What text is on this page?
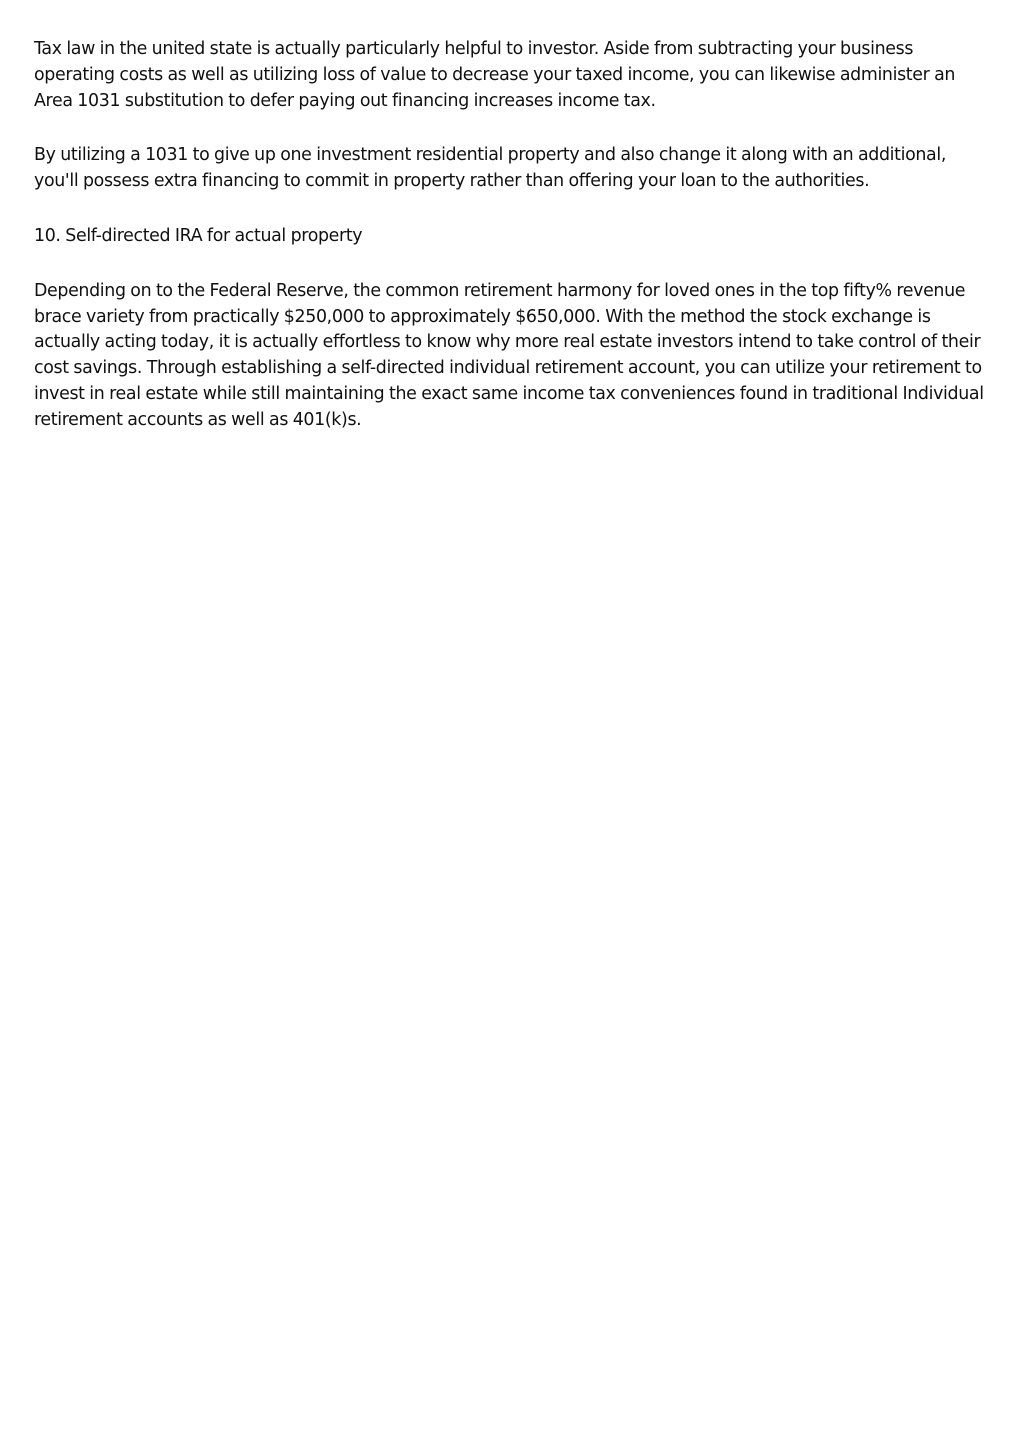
Tax law in the united state is actually particularly helpful to investor. Aside from subtracting your business operating costs as well as utilizing loss of value to decrease your taxed income, you can likewise administer an Area 1031 substitution to defer paying out financing increases income tax.

By utilizing a 1031 to give up one investment residential property and also change it along with an additional, you'll possess extra financing to commit in property rather than offering your loan to the authorities.

10. Self-directed IRA for actual property

Depending on to the Federal Reserve, the common retirement harmony for loved ones in the top fifty% revenue brace variety from practically $250,000 to approximately $650,000. With the method the stock exchange is actually acting today, it is actually effortless to know why more real estate investors intend to take control of their cost savings. Through establishing a self-directed individual retirement account, you can utilize your retirement to invest in real estate while still maintaining the exact same income tax conveniences found in traditional Individual retirement accounts as well as 401(k)s.
